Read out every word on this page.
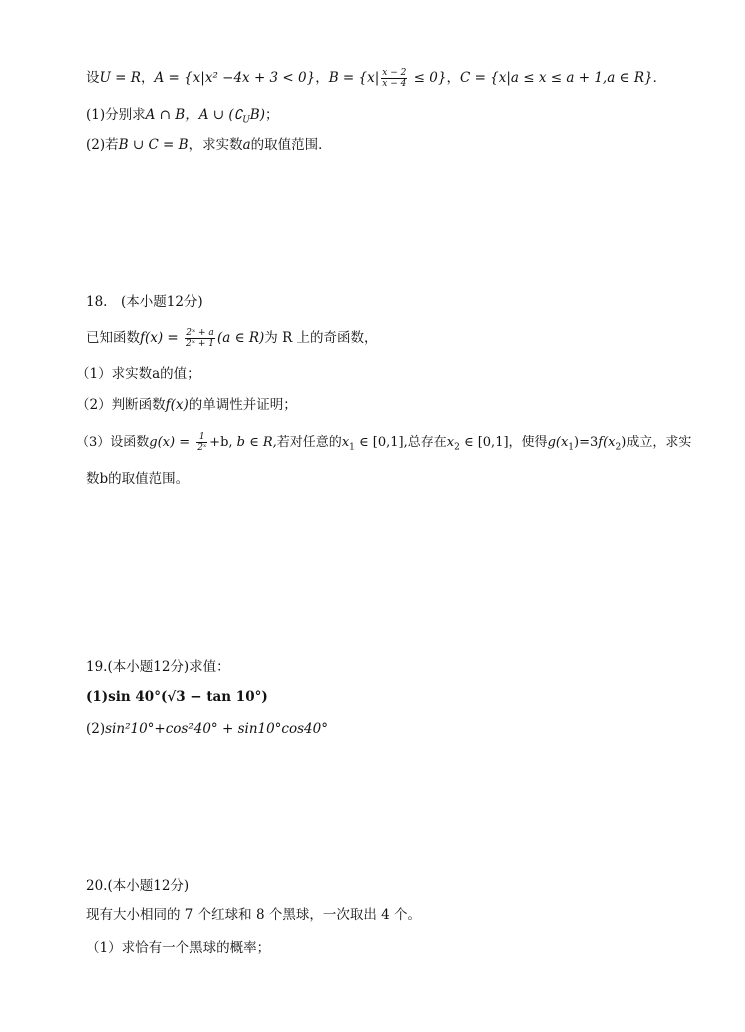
设U = R，A = {x|x² −4x + 3 < 0}，$B = \{x| \frac{x - 2}{x - 4} \le 0\}$，C = {x|a ≤ x ≤ a + 1,a ∈ R}．
(1)分别求A ∩ B，A ∪ $(∁_UB)$；
(2)若B ∪ C = B，求实数a的取值范围．
18.　(本小题12分)
已知函数$f(x) = \frac{\text{2ˣ + a}}{\text{2ˣ + 1}} (a$ ∈ R)为 R 上的奇函数，
（1）求实数a的值；
（2）判断函数f(x)的单调性并证明；
（3）设函数$g(x) = \frac{1}{\text{2ˣ}} +b$, b ∈ R,若对任意的$x_1$ ∈ [0,1],总存在$x_2$ ∈ [0,1]，使得$g(x_1)=3f(x_2)$成立，求实
数b的取值范围。
19.(本小题12分)求值：
(1)sin 40°(√3 − tan 10°)
(2)sin²10°+cos²40° + sin10°cos40°
20.(本小题12分)
现有大小相同的 7 个红球和 8 个黑球，一次取出 4 个。
（1）求恰有一个黑球的概率；
